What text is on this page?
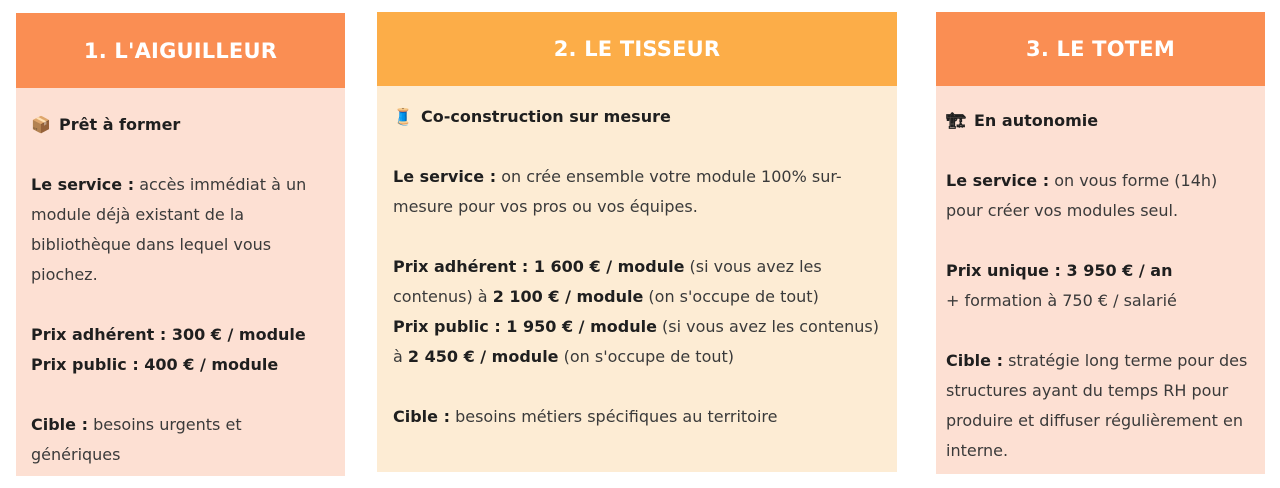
1. L'AIGUILLEUR
📦 Prêt à former

Le service : accès immédiat à un module déjà existant de la bibliothèque dans lequel vous piochez.

Prix adhérent : 300 € / module

Prix public : 400 € / module

Cible : besoins urgents et génériques

2. LE TISSEUR
🧵 Co-construction sur mesure

Le service : on crée ensemble votre module 100% sur-mesure pour vos pros ou vos équipes.

Prix adhérent : 1 600 € / module (si vous avez les contenus) à 2 100 € / module (on s'occupe de tout)

Prix public : 1 950 € / module (si vous avez les contenus) à 2 450 € / module (on s'occupe de tout)

Cible : besoins métiers spécifiques au territoire

3. LE TOTEM
🏗 En autonomie

Le service : on vous forme (14h) pour créer vos modules seul.

Prix unique : 3 950 € / an

+ formation à 750 € / salarié

Cible : stratégie long terme pour des structures ayant du temps RH pour produire et diffuser régulièrement en interne.
